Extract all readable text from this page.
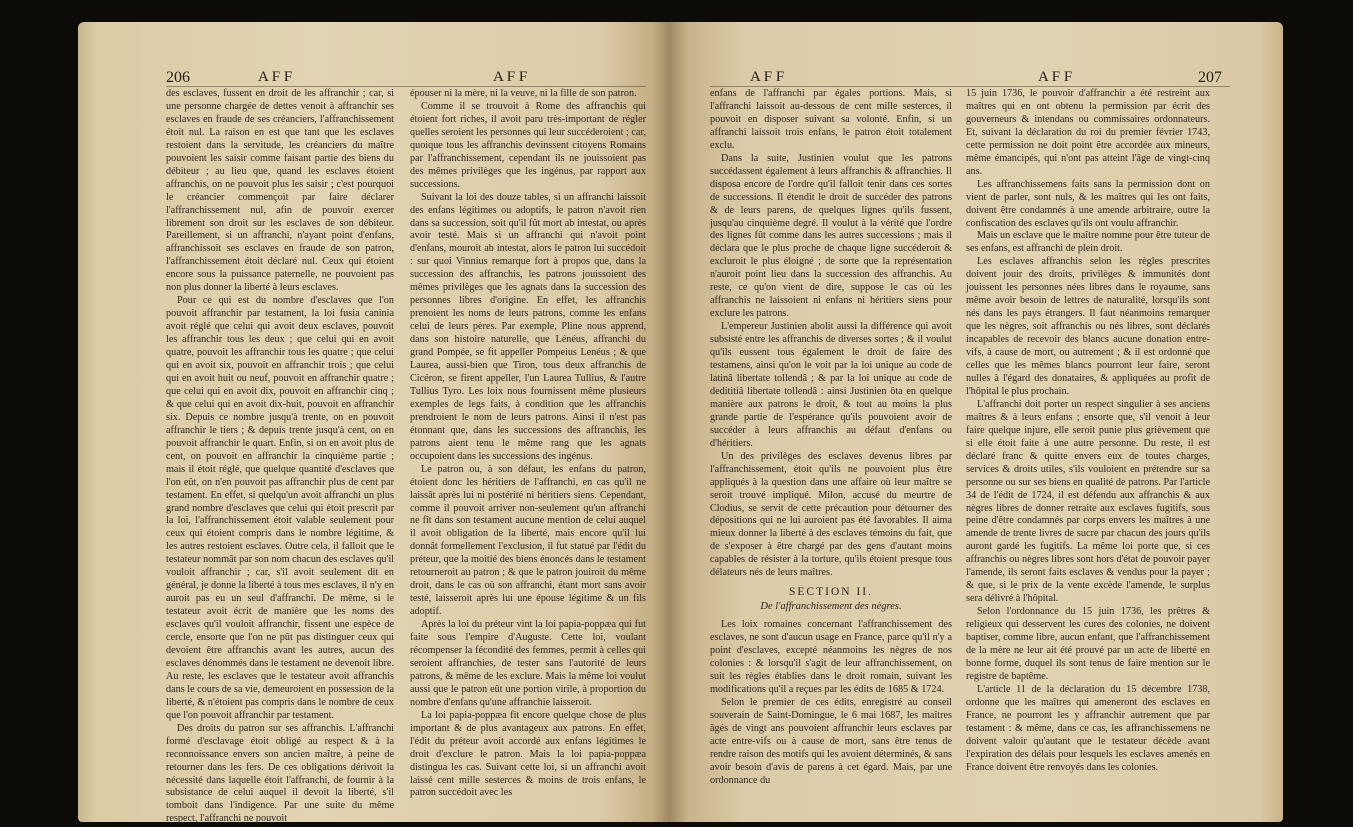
206	A F F	A F F

des esclaves, fussent en droit de les affranchir ; car, si une personne chargée de dettes venoit à affranchir ses esclaves en fraude de ses créanciers, l'affranchissement étoit nul. La raison en est que tant que les esclaves restoient dans la servitude, les créanciers du maître pouvoient les saisir comme faisant partie des biens du débiteur ; au lieu que, quand les esclaves étoient affranchis, on ne pouvoit plus les saisir ; c'est pourquoi le créancier commençoit par faire déclarer l'affranchissement nul, afin de pouvoir exercer librement son droit sur les esclaves de son débiteur. Pareillement, si un affranchi, n'ayant point d'enfans, affranchissoit ses esclaves en fraude de son patron, l'affranchissement étoit déclaré nul. Ceux qui étoient encore sous la puissance paternelle, ne pouvoient pas non plus donner la liberté à leurs esclaves.

Pour ce qui est du nombre d'esclaves que l'on pouvoit affranchir par testament, la loi fusia caninia avoit réglé que celui qui avoit deux esclaves, pouvoit les affranchir tous les deux ; que celui qui en avoit quatre, pouvoit les affranchir tous les quatre ; que celui qui en avoit six, pouvoit en affranchir trois ; que celui qui en avoit huit ou neuf, pouvoit en affranchir quatre ; que celui qui en avoit dix, pouvoit en affranchir cinq ; & que celui qui en avoit dix-huit, pouvoit en affranchir six. Depuis ce nombre jusqu'à trente, on en pouvoit affranchir le tiers ; & depuis trente jusqu'à cent, on en pouvoit affranchir le quart. Enfin, si on en avoit plus de cent, on pouvoit en affranchir la cinquième partie ; mais il étoit réglé, que quelque quantité d'esclaves que l'on eût, on n'en pouvoit pas affranchir plus de cent par testament. En effet, si quelqu'un avoit affranchi un plus grand nombre d'esclaves que celui qui étoit prescrit par la loi, l'affranchissement étoit valable seulement pour ceux qui étoient compris dans le nombre légitime, & les autres restoient esclaves. Outre cela, il falloit que le testateur nommât par son nom chacun des esclaves qu'il vouloit affranchir ; car, s'il avoit seulement dit en général, je donne la liberté à tous mes esclaves, il n'y en auroit pas eu un seul d'affranchi. De même, si le testateur avoit écrit de manière que les noms des esclaves qu'il vouloit affranchir, fissent une espèce de cercle, ensorte que l'on ne pût pas distinguer ceux qui devoient être affranchis avant les autres, aucun des esclaves dénommés dans le testament ne devenoit libre. Au reste, les esclaves que le testateur avoit affranchis dans le cours de sa vie, demeuroient en possession de la liberté, & n'étoient pas compris dans le nombre de ceux que l'on pouvoit affranchir par testament.

Des droits du patron sur ses affranchis. L'affranchi formé d'esclavage étoit obligé au respect & à la reconnoissance envers son ancien maître, à peine de retourner dans les fers. De ces obligations dérivoit la nécessité dans laquelle étoit l'affranchi, de fournir à la subsistance de celui auquel il devoit la liberté, s'il tomboit dans l'indigence. Par une suite du même respect, l'affranchi ne pouvoit

épouser ni la mère, ni la veuve, ni la fille de son patron.

Comme il se trouvoit à Rome des affranchis qui étoient fort riches, il avoit paru très-important de régler quelles seroient les personnes qui leur succéderoient ; car, quoique tous les affranchis devinssent citoyens Romains par l'affranchissement, cependant ils ne jouissoient pas des mêmes privilèges que les ingénus, par rapport aux successions.

Suivant la loi des douze tables, si un affranchi laissoit des enfans légitimes ou adoptifs, le patron n'avoit rien dans sa succession, soit qu'il fût mort ab intestat, ou après avoir testé. Mais si un affranchi qui n'avoit point d'enfans, mouroit ab intestat, alors le patron lui succédoit : sur quoi Vinnius remarque fort à propos que, dans la succession des affranchis, les patrons jouissoient des mêmes privilèges que les agnats dans la succession des personnes libres d'origine. En effet, les affranchis prenoient les noms de leurs patrons, comme les enfans celui de leurs pères. Par exemple, Pline nous apprend, dans son histoire naturelle, que Lénéus, affranchi du grand Pompée, se fit appeller Pompeius Lenéus ; & que Laurea, aussi-bien que Tiron, tous deux affranchis de Cicéron, se firent appeller, l'un Laurea Tullius, & l'autre Tullius Tyro. Les loix nous fournissent même plusieurs exemples de legs faits, à condition que les affranchis prendroient le nom de leurs patrons. Ainsi il n'est pas étonnant que, dans les successions des affranchis, les patrons aient tenu le même rang que les agnats occupoient dans les successions des ingénus.

Le patron ou, à son défaut, les enfans du patron, étoient donc les héritiers de l'affranchi, en cas qu'il ne laissât après lui ni postérité ni héritiers siens. Cependant, comme il pouvoit arriver non-seulement qu'un affranchi ne fît dans son testament aucune mention de celui auquel il avoit obligation de la liberté, mais encore qu'il lui donnât formellement l'exclusion, il fut statué par l'édit du préteur, que la moitié des biens énoncés dans le testament retourneroit au patron ; & que le patron jouiroit du même droit, dans le cas où son affranchi, étant mort sans avoir testé, laisseroit après lui une épouse légitime & un fils adoptif.

Après la loi du préteur vint la loi papia-poppæa qui fut faite sous l'empire d'Auguste. Cette loi, voulant récompenser la fécondité des femmes, permit à celles qui seroient affranchies, de tester sans l'autorité de leurs patrons, & même de les exclure. Mais la même loi voulut aussi que le patron eût une portion virile, à proportion du nombre d'enfans qu'une affranchie laisseroit.

La loi papia-poppæa fit encore quelque chose de plus important & de plus avantageux aux patrons. En effet, l'édit du préteur avoit accordé aux enfans légitimes le droit d'exclure le patron. Mais la loi papia-poppæa distingua les cas. Suivant cette loi, si un affranchi avoit laissé cent mille sesterces & moins de trois enfans, le patron succédoit avec les

A F F	A F F	207

enfans de l'affranchi par égales portions. Mais, si l'affranchi laissoit au-dessous de cent mille sesterces, il pouvoit en disposer suivant sa volonté. Enfin, si un affranchi laissoit trois enfans, le patron étoit totalement exclu.

Dans la suite, Justinien voulut que les patrons succédassent également à leurs affranchis & affranchies. Il disposa encore de l'ordre qu'il falloit tenir dans ces sortes de successions. Il étendit le droit de succéder des patrons & de leurs parens, de quelques lignes qu'ils fussent, jusqu'au cinquième degré. Il voulut à la vérité que l'ordre des lignes fût comme dans les autres successions ; mais il déclara que le plus proche de chaque ligne succéderoit & excluroit le plus éloigné ; de sorte que la représentation n'auroit point lieu dans la succession des affranchis. Au reste, ce qu'on vient de dire, suppose le cas où les affranchis ne laissoient ni enfans ni héritiers siens pour exclure les patrons.

L'empereur Justinien abolit aussi la différence qui avoit subsisté entre les affranchis de diverses sortes ; & il voulut qu'ils eussent tous également le droit de faire des testamens, ainsi qu'on le voit par la loi unique au code de latinâ libertate tollendâ ; & par la loi unique au code de dedititiâ libertate tollendâ : ainsi Justinien ôta en quelque manière aux patrons le droit, & tout au moins la plus grande partie de l'espérance qu'ils pouvoient avoir de succéder à leurs affranchis au défaut d'enfans ou d'héritiers.

Un des privilèges des esclaves devenus libres par l'affranchissement, étoit qu'ils ne pouvoient plus être appliqués à la question dans une affaire où leur maître se seroit trouvé impliqué. Milon, accusé du meurtre de Clodius, se servit de cette précaution pour détourner des dépositions qui ne lui auroient pas été favorables. Il aima mieux donner la liberté à des esclaves témoins du fait, que de s'exposer à être chargé par des gens d'autant moins capables de résister à la torture, qu'ils étoient presque tous délateurs nés de leurs maîtres.

SECTION II.
De l'affranchissement des nègres.

Les loix romaines concernant l'affranchissement des esclaves, ne sont d'aucun usage en France, parce qu'il n'y a point d'esclaves, excepté néanmoins les nègres de nos colonies : & lorsqu'il s'agit de leur affranchissement, on suit les règles établies dans le droit romain, suivant les modifications qu'il a reçues par les édits de 1685 & 1724.

Selon le premier de ces édits, enregistré au conseil souverain de Saint-Domingue, le 6 mai 1687, les maîtres âgés de vingt ans pouvoient affranchir leurs esclaves par acte entre-vifs ou à cause de mort, sans être tenus de rendre raison des motifs qui les avoient déterminés, & sans avoir besoin d'avis de parens à cet égard. Mais, par une ordonnance du

15 juin 1736, le pouvoir d'affranchir a été restreint aux maîtres qui en ont obtenu la permission par écrit des gouverneurs & intendans ou commissaires ordonnateurs. Et, suivant la déclaration du roi du premier février 1743, cette permission ne doit point être accordée aux mineurs, même émancipés, qui n'ont pas atteint l'âge de vingt-cinq ans.

Les affranchissemens faits sans la permission dont on vient de parler, sont nuls, & les maîtres qui les ont faits, doivent être condamnés à une amende arbitraire, outre la confiscation des esclaves qu'ils ont voulu affranchir.

Mais un esclave que le maître nomme pour être tuteur de ses enfans, est affranchi de plein droit.

Les esclaves affranchis selon les règles prescrites doivent jouir des droits, privilèges & immunités dont jouissent les personnes nées libres dans le royaume, sans même avoir besoin de lettres de naturalité, lorsqu'ils sont nés dans les pays étrangers. Il faut néanmoins remarquer que les nègres, soit affranchis ou nés libres, sont déclarés incapables de recevoir des blancs aucune donation entre-vifs, à cause de mort, ou autrement ; & il est ordonné que celles que les mêmes blancs pourront leur faire, seront nulles à l'égard des donataires, & appliquées au profit de l'hôpital le plus prochain.

L'affranchi doit porter un respect singulier à ses anciens maîtres & à leurs enfans ; ensorte que, s'il venoit à leur faire quelque injure, elle seroit punie plus grièvement que si elle étoit faite à une autre personne. Du reste, il est déclaré franc & quitte envers eux de toutes charges, services & droits utiles, s'ils vouloient en prétendre sur sa personne ou sur ses biens en qualité de patrons. Par l'article 34 de l'édit de 1724, il est défendu aux affranchis & aux nègres libres de donner retraite aux esclaves fugitifs, sous peine d'être condamnés par corps envers les maîtres à une amende de trente livres de sucre par chacun des jours qu'ils auront gardé les fugitifs. La même loi porte que, si ces affranchis ou nègres libres sont hors d'état de pouvoir payer l'amende, ils seront faits esclaves & vendus pour la payer ; & que, si le prix de la vente excède l'amende, le surplus sera délivré à l'hôpital.

Selon l'ordonnance du 15 juin 1736, les prêtres & religieux qui desservent les cures des colonies, ne doivent baptiser, comme libre, aucun enfant, que l'affranchissement de la mère ne leur ait été prouvé par un acte de liberté en bonne forme, duquel ils sont tenus de faire mention sur le registre de baptême.

L'article 11 de la déclaration du 15 décembre 1738, ordonne que les maîtres qui ameneront des esclaves en France, ne pourront les y affranchir autrement que par testament : & même, dans ce cas, les affranchissemens ne doivent valoir qu'autant que le testateur décède avant l'expiration des délais pour lesquels les esclaves amenés en France doivent être renvoyés dans les colonies.
